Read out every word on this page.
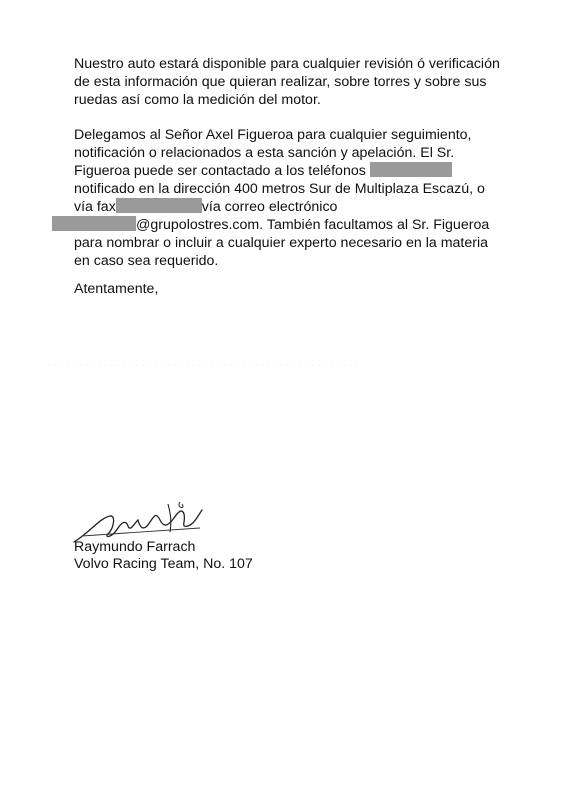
Nuestro auto estará disponible para cualquier revisión ó verificación
de esta información que quieran realizar, sobre torres y sobre sus
ruedas así como la medición del motor.

Delegamos al Señor Axel Figueroa para cualquier seguimiento,
notificación o relacionados a esta sanción y apelación. El Sr.
Figueroa puede ser contactado a los teléfonos
notificado en la dirección 400 metros Sur de Multiplaza Escazú, o
vía fax	vía correo electrónico
@grupolostres.com. También facultamos al Sr. Figueroa
para nombrar o incluir a cualquier experto necesario en la materia
en caso sea requerido.

Atentamente,

· · · · · · · · · · · · · · · · · · · · · · · · · · · · · · · · · · · · · · · · · · · · · · · · · ·
Raymundo Farrach
Volvo Racing Team, No. 107
